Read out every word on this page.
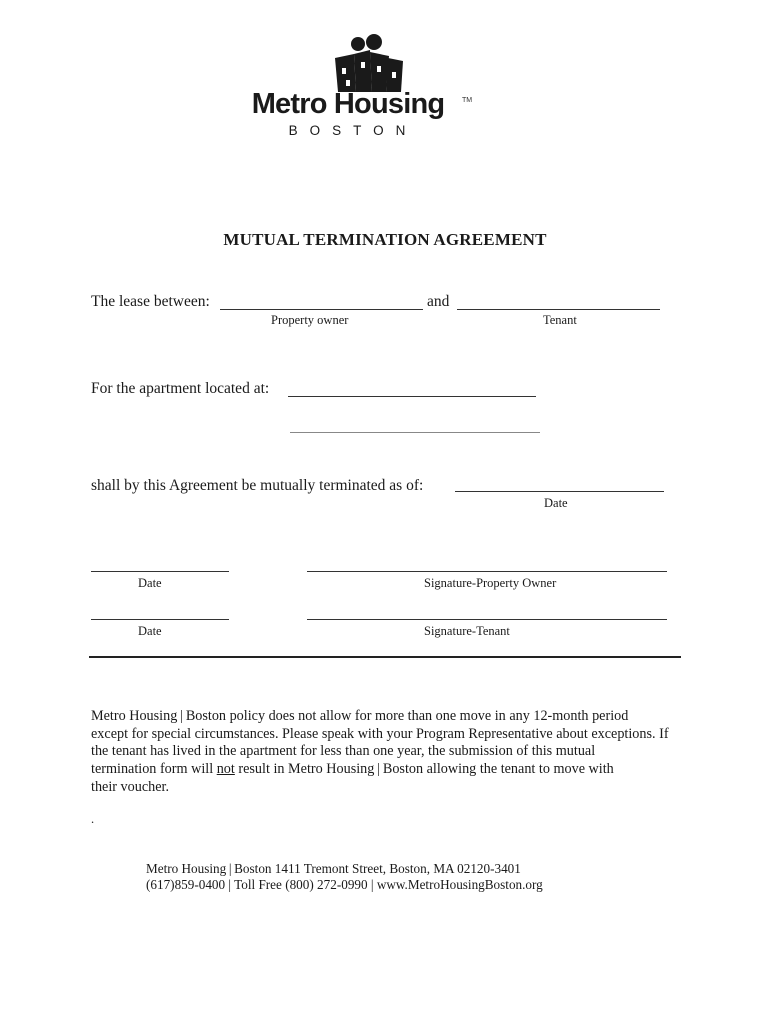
Metro Housing	TM
BOSTON
MUTUAL TERMINATION AGREEMENT
The lease between:	and
Property owner	Tenant
For the apartment located at:
shall by this Agreement be mutually terminated as of:
Date
Date	Signature-Property Owner
Date	Signature-Tenant
Metro Housing | Boston policy does not allow for more than one move in any 12-month period
except for special circumstances. Please speak with your Program Representative about exceptions. If
the tenant has lived in the apartment for less than one year, the submission of this mutual
termination form will not result in Metro Housing | Boston allowing the tenant to move with
their voucher.
.
Metro Housing | Boston 1411 Tremont Street, Boston, MA 02120-3401
(617)859-0400 | Toll Free (800) 272-0990 | www.MetroHousingBoston.org
